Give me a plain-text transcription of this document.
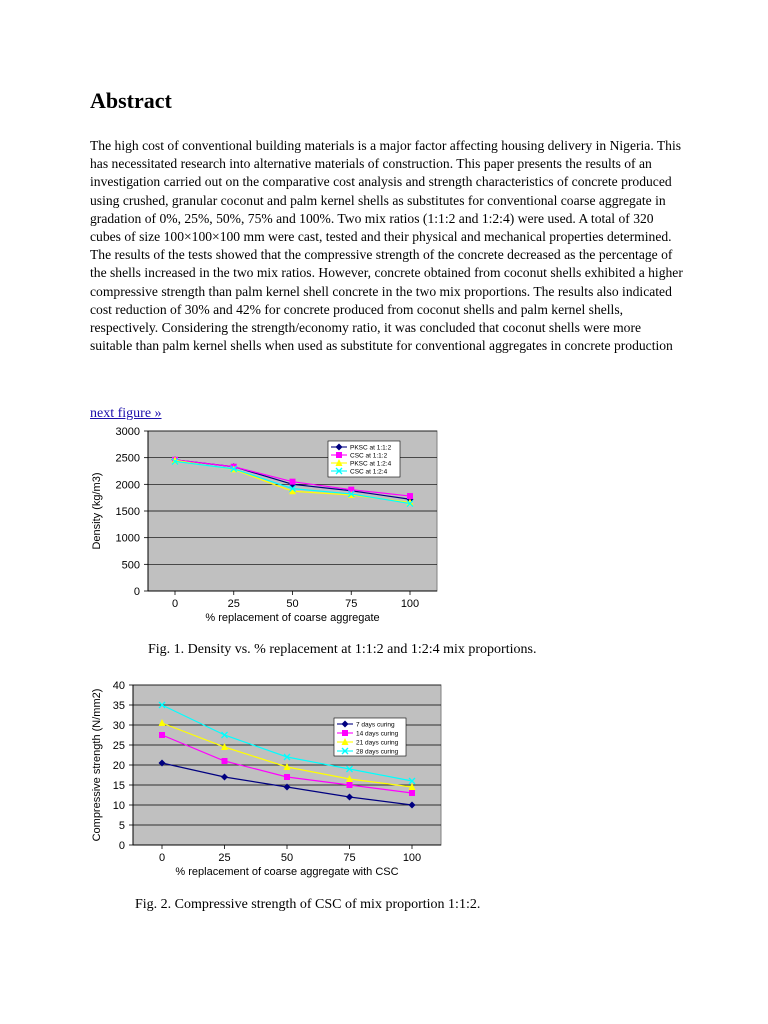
Abstract

The high cost of conventional building materials is a major factor affecting housing delivery in Nigeria. This has necessitated research into alternative materials of construction. This paper presents the results of an investigation carried out on the comparative cost analysis and strength characteristics of concrete produced using crushed, granular coconut and palm kernel shells as substitutes for conventional coarse aggregate in gradation of 0%, 25%, 50%, 75% and 100%. Two mix ratios (1:1:2 and 1:2:4) were used. A total of 320 cubes of size 100×100×100 mm were cast, tested and their physical and mechanical properties determined. The results of the tests showed that the compressive strength of the concrete decreased as the percentage of the shells increased in the two mix ratios. However, concrete obtained from coconut shells exhibited a higher compressive strength than palm kernel shell concrete in the two mix proportions. The results also indicated cost reduction of 30% and 42% for concrete produced from coconut shells and palm kernel shells, respectively. Considering the strength/economy ratio, it was concluded that coconut shells were more suitable than palm kernel shells when used as substitute for conventional aggregates in concrete production

next figure »
0
500
1000
1500
2000
2500
3000
0	25	50	75	100
% replacement of coarse aggregate
Density (kg/m3)
PKSC at 1:1:2
CSC at 1:1:2
PKSC at 1:2:4
CSC at 1:2:4

Fig. 1. Density vs. % replacement at 1:1:2 and 1:2:4 mix proportions.

0
5
10
15
20
25
30
35
40
0	25	50	75	100
% replacement of coarse aggregate with CSC
Compressive strength (N/mm2)	7 days curing
14 days curing
21 days curing
28 days curing

Fig. 2. Compressive strength of CSC of mix proportion 1:1:2.
